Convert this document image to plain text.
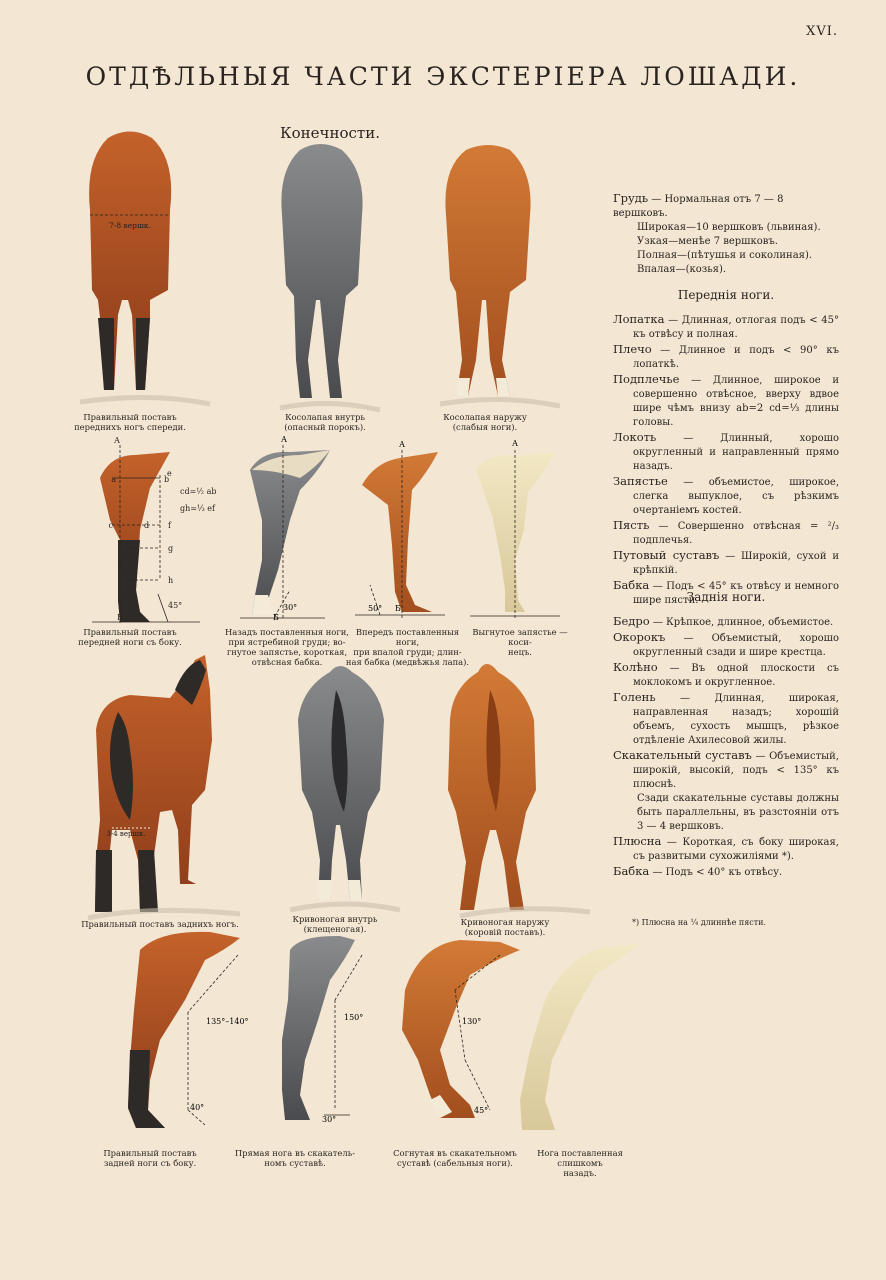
XVI.
ОТДѢЛЬНЫЯ ЧАСТИ ЭКСТЕРІЕРА ЛОШАДИ.
Конечности.
7-8 вершк.
A
a	b
c	d
e
f
g
h
Б
cd=½ ab
gh=⅓ ef
45°
A
Б
30°
A
Б
50°
A
3-4 вершк.
135°–140°
40°
150°
30°
130°
45°
Правильный поставъ
переднихъ ногъ спереди.
Косолапая внутрь
(опасный порокъ).
Косолапая наружу
(слабыя ноги).
Правильный поставъ
передней ноги съ боку.
Назадъ поставленныя ноги,
при ястребиной груди; во-
гнутое запястье, короткая,
отвѣсная бабка.
Впередъ поставленныя ноги,
при впалой груди; длин-
ная бабка (медвѣжья лапа).
Выгнутое запястье — коси-
нецъ.
Правильный поставъ заднихъ ногъ.	Кривоногая внутрь
(клещеногая).
Кривоногая наружу
(коровій поставъ).
Правильный поставъ
задней ноги съ боку.
Прямая нога въ скакатель-
номъ суставѣ.
Согнутая въ скакательномъ
суставѣ (сабельныя ноги).
Нога поставленная слишкомъ
назадъ.
Грудь — Нормальная отъ 7 — 8 вершковъ.
Широкая—10 вершковъ (львиная).
Узкая—менѣе 7 вершковъ.
Полная—(пѣтушья и соколиная).
Впалая—(козья).
Переднія ноги.
Лопатка — Длинная, отлогая подъ < 45° къ отвѣсу и полная.
Плечо — Длинное и подъ < 90° къ лопаткѣ.
Подплечье — Длинное, широкое и совершенно отвѣсное, вверху вдвое шире чѣмъ внизу ab=2 cd=⅓ длины головы.
Локоть	— Длинный, хорошо округленный и направленный прямо назадъ.
Запястье — объемистое, широкое, слегка выпуклое, съ рѣзкимъ очертаніемъ костей.
Пясть — Совершенно отвѣсная = ²/₃ подплечья.
Путовый суставъ — Широкій, сухой и крѣпкій.
Бабка — Подъ < 45° къ отвѣсу и немного шире пясти.
Заднія ноги.
Бедро — Крѣпкое, длинное, объемистое.
Окорокъ — Объемистый, хорошо округленный сзади и шире крестца.
Колѣно — Въ одной плоскости съ моклокомъ и округленное.
Голень — Длинная, широкая, направленная назадъ; хорошій объемъ, сухость мышцъ, рѣзкое отдѣленіе Ахилесовой жилы.
Скакательный суставъ — Объемистый, широкій, высокій, подъ < 135° къ плюснѣ.
Сзади скакательные суставы должны быть параллельны, въ разстояніи отъ 3 — 4 вершковъ.
Плюсна — Короткая, съ боку широкая, съ развитыми сухожиліями *).
Бабка — Подъ < 40° къ отвѣсу.
*) Плюсна на ¼ длиннѣе пясти.
